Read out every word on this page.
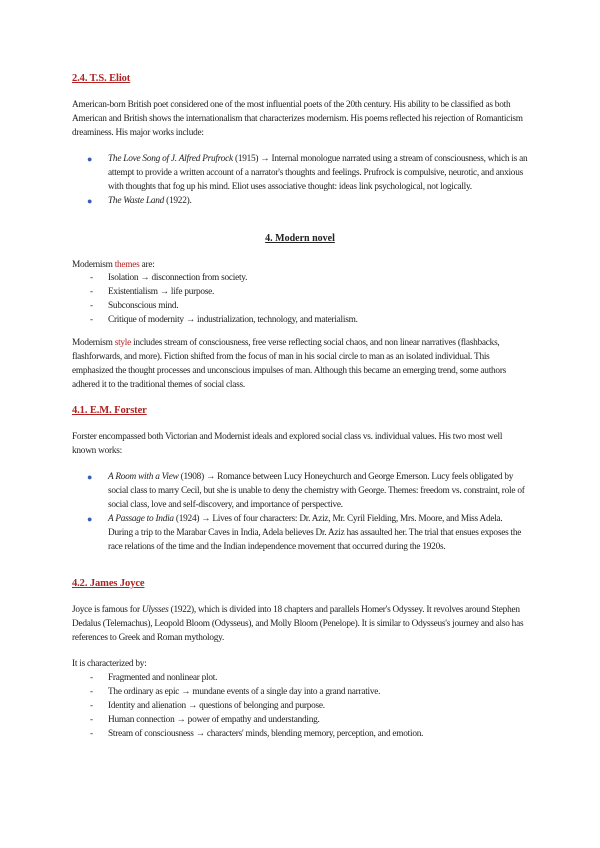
2.4. T.S. Eliot

American-born British poet considered one of the most influential poets of the 20th century. His ability to be classified as both American and British shows the internationalism that characterizes modernism. His poems reflected his rejection of Romanticism dreaminess. His major works include:

● The Love Song of J. Alfred Prufrock (1915) → Internal monologue narrated using a stream of consciousness, which is an attempt to provide a written account of a narrator's thoughts and feelings. Prufrock is compulsive, neurotic, and anxious with thoughts that fog up his mind. Eliot uses associative thought: ideas link psychological, not logically.
● The Waste Land (1922).
4. Modern novel

Modernism themes are:

- Isolation → disconnection from society.
- Existentialism → life purpose.
- Subconscious mind.
- Critique of modernity → industrialization, technology, and materialism.

Modernism style includes stream of consciousness, free verse reflecting social chaos, and non linear narratives (flashbacks, flashforwards, and more). Fiction shifted from the focus of man in his social circle to man as an isolated individual. This emphasized the thought processes and unconscious impulses of man. Although this became an emerging trend, some authors adhered it to the traditional themes of social class.

4.1. E.M. Forster

Forster encompassed both Victorian and Modernist ideals and explored social class vs. individual values. His two most well known works:

● A Room with a View (1908) → Romance between Lucy Honeychurch and George Emerson. Lucy feels obligated by social class to marry Cecil, but she is unable to deny the chemistry with George. Themes: freedom vs. constraint, role of social class, love and self-discovery, and importance of perspective.
● A Passage to India (1924) → Lives of four characters: Dr. Aziz, Mr. Cyril Fielding, Mrs. Moore, and Miss Adela. During a trip to the Marabar Caves in India, Adela believes Dr. Aziz has assaulted her. The trial that ensues exposes the race relations of the time and the Indian independence movement that occurred during the 1920s.
4.2. James Joyce

Joyce is famous for Ulysses (1922), which is divided into 18 chapters and parallels Homer's Odyssey. It revolves around Stephen Dedalus (Telemachus), Leopold Bloom (Odysseus), and Molly Bloom (Penelope). It is similar to Odysseus's journey and also has references to Greek and Roman mythology.

It is characterized by:

- Fragmented and nonlinear plot.
- The ordinary as epic → mundane events of a single day into a grand narrative.
- Identity and alienation → questions of belonging and purpose.
- Human connection → power of empathy and understanding.
- Stream of consciousness → characters' minds, blending memory, perception, and emotion.
